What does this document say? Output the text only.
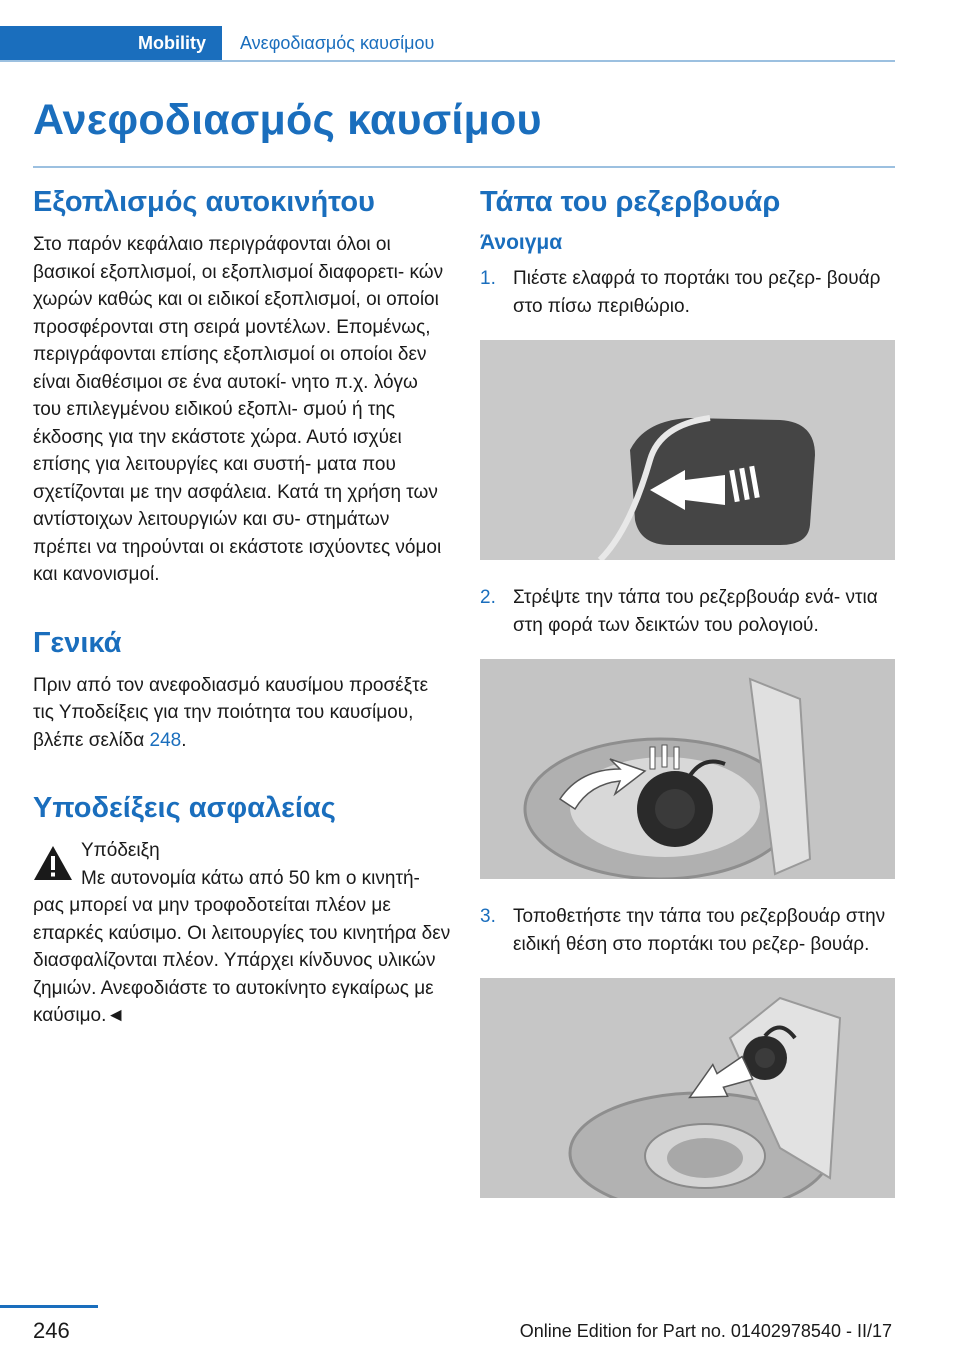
Mobility	Ανεφοδιασμός καυσίμου
Ανεφοδιασμός καυσίμου
Εξοπλισμός αυτοκινήτου

Στο παρόν κεφάλαιο περιγράφονται όλοι οι βασικοί εξοπλισμοί, οι εξοπλισμοί διαφορετι- κών χωρών καθώς και οι ειδικοί εξοπλισμοί, οι οποίοι προσφέρονται στη σειρά μοντέλων. Επομένως, περιγράφονται επίσης εξοπλισμοί οι οποίοι δεν είναι διαθέσιμοι σε ένα αυτοκί- νητο π.χ. λόγω του επιλεγμένου ειδικού εξοπλι- σμού ή της έκδοσης για την εκάστοτε χώρα. Αυτό ισχύει επίσης για λειτουργίες και συστή- ματα που σχετίζονται με την ασφάλεια. Κατά τη χρήση των αντίστοιχων λειτουργιών και συ- στημάτων πρέπει να τηρούνται οι εκάστοτε ισχύοντες νόμοι και κανονισμοί.

Γενικά

Πριν από τον ανεφοδιασμό καυσίμου προσέξτε τις Υποδείξεις για την ποιότητα του καυσίμου, βλέπε σελίδα 248.

Υποδείξεις ασφαλείας
Υπόδειξη

Με αυτονομία κάτω από 50 km ο κινητή-

ρας μπορεί να μην τροφοδοτείται πλέον με επαρκές καύσιμο. Οι λειτουργίες του κινητήρα δεν διασφαλίζονται πλέον. Υπάρχει κίνδυνος υλικών ζημιών. Ανεφοδιάστε το αυτοκίνητο εγκαίρως με καύσιμο.◄

Τάπα του ρεζερβουάρ
Άνοιγμα
1. Πιέστε ελαφρά το πορτάκι του ρεζερ- βουάρ στο πίσω περιθώριο.
2. Στρέψτε την τάπα του ρεζερβουάρ ενά- ντια στη φορά των δεικτών του ρολογιού.
3. Τοποθετήστε την τάπα του ρεζερβουάρ στην ειδική θέση στο πορτάκι του ρεζερ- βουάρ.
246	Online Edition for Part no. 01402978540 - II/17
